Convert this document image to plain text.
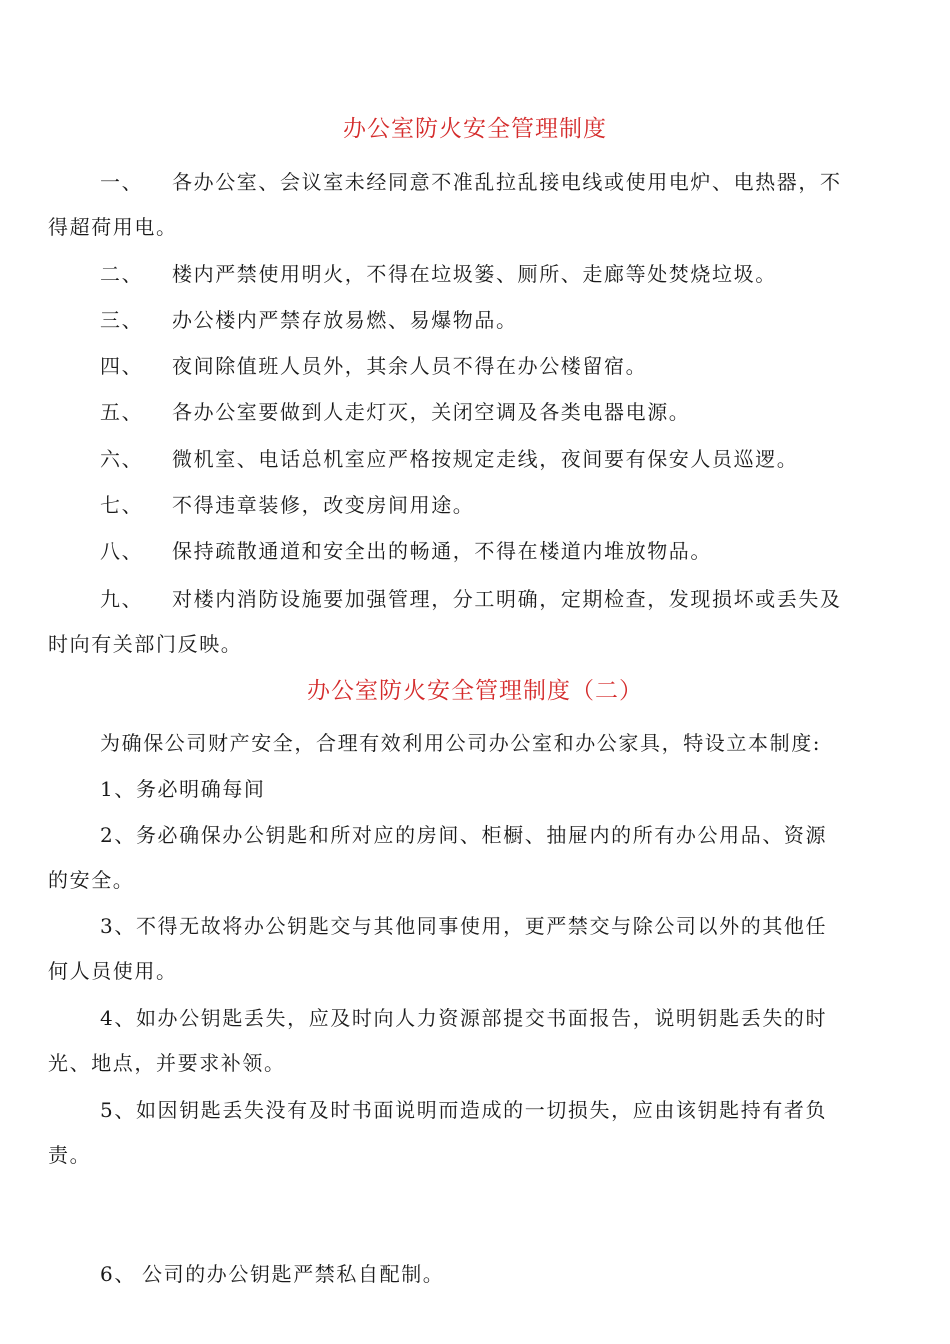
办公室防火安全管理制度
一、 各办公室、会议室未经同意不准乱拉乱接电线或使用电炉、电热器，不
得超荷用电。
二、 楼内严禁使用明火，不得在垃圾篓、厕所、走廊等处焚烧垃圾。
三、 办公楼内严禁存放易燃、易爆物品。
四、 夜间除值班人员外，其余人员不得在办公楼留宿。
五、 各办公室要做到人走灯灭，关闭空调及各类电器电源。
六、 微机室、电话总机室应严格按规定走线，夜间要有保安人员巡逻。
七、 不得违章装修，改变房间用途。
八、 保持疏散通道和安全出的畅通，不得在楼道内堆放物品。
九、 对楼内消防设施要加强管理，分工明确，定期检查，发现损坏或丢失及
时向有关部门反映。
办公室防火安全管理制度（二）
为确保公司财产安全，合理有效利用公司办公室和办公家具，特设立本制度:
1、务必明确每间
2、务必确保办公钥匙和所对应的房间、柜橱、抽屉内的所有办公用品、资源
的安全。
3、不得无故将办公钥匙交与其他同事使用，更严禁交与除公司以外的其他任
何人员使用。
4、如办公钥匙丢失，应及时向人力资源部提交书面报告，说明钥匙丢失的时
光、地点，并要求补领。
5、如因钥匙丢失没有及时书面说明而造成的一切损失，应由该钥匙持有者负
责。
6、 公司的办公钥匙严禁私自配制。
